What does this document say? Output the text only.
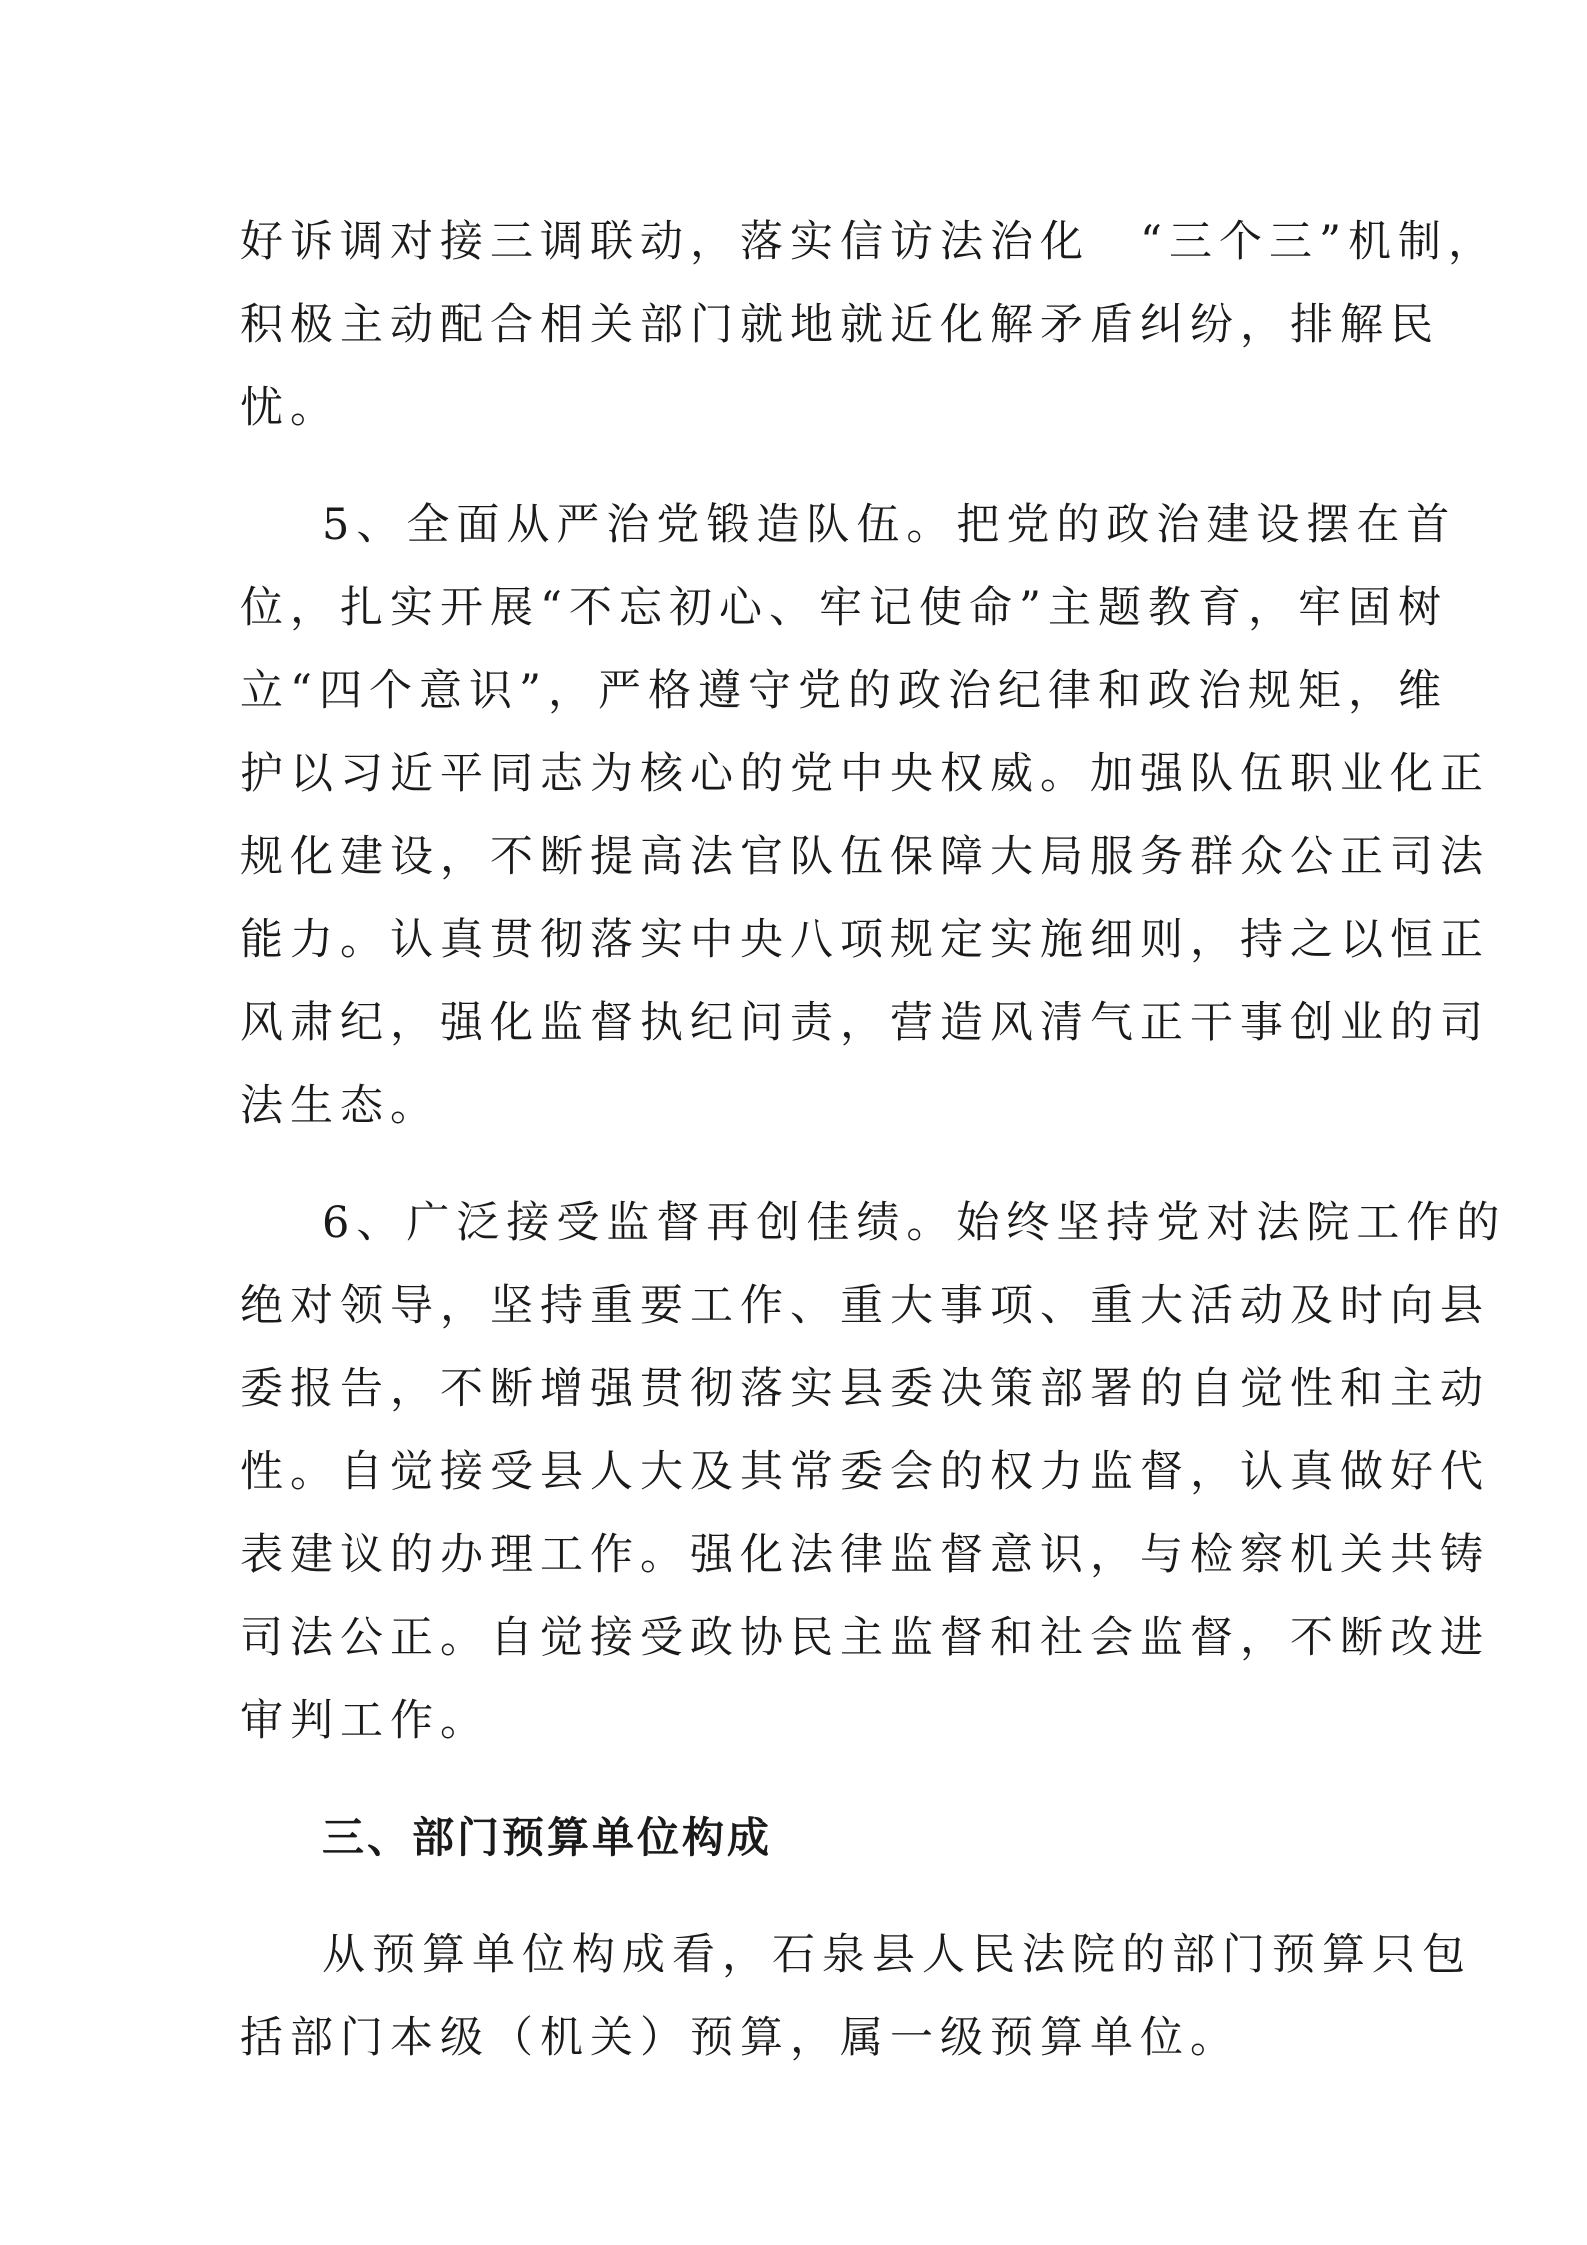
好诉调对接三调联动，落实信访法治化　“三个三”机制，
积极主动配合相关部门就地就近化解矛盾纠纷，排解民
忧。
5、全面从严治党锻造队伍。把党的政治建设摆在首
位，扎实开展“不忘初心、牢记使命”主题教育，牢固树
立“四个意识”，严格遵守党的政治纪律和政治规矩，维
护以习近平同志为核心的党中央权威。加强队伍职业化正
规化建设，不断提高法官队伍保障大局服务群众公正司法
能力。认真贯彻落实中央八项规定实施细则，持之以恒正
风肃纪，强化监督执纪问责，营造风清气正干事创业的司
法生态。
6、广泛接受监督再创佳绩。始终坚持党对法院工作的
绝对领导，坚持重要工作、重大事项、重大活动及时向县
委报告，不断增强贯彻落实县委决策部署的自觉性和主动
性。自觉接受县人大及其常委会的权力监督，认真做好代
表建议的办理工作。强化法律监督意识，与检察机关共铸
司法公正。自觉接受政协民主监督和社会监督，不断改进
审判工作。
三、部门预算单位构成
从预算单位构成看，石泉县人民法院的部门预算只包
括部门本级（机关）预算，属一级预算单位。
